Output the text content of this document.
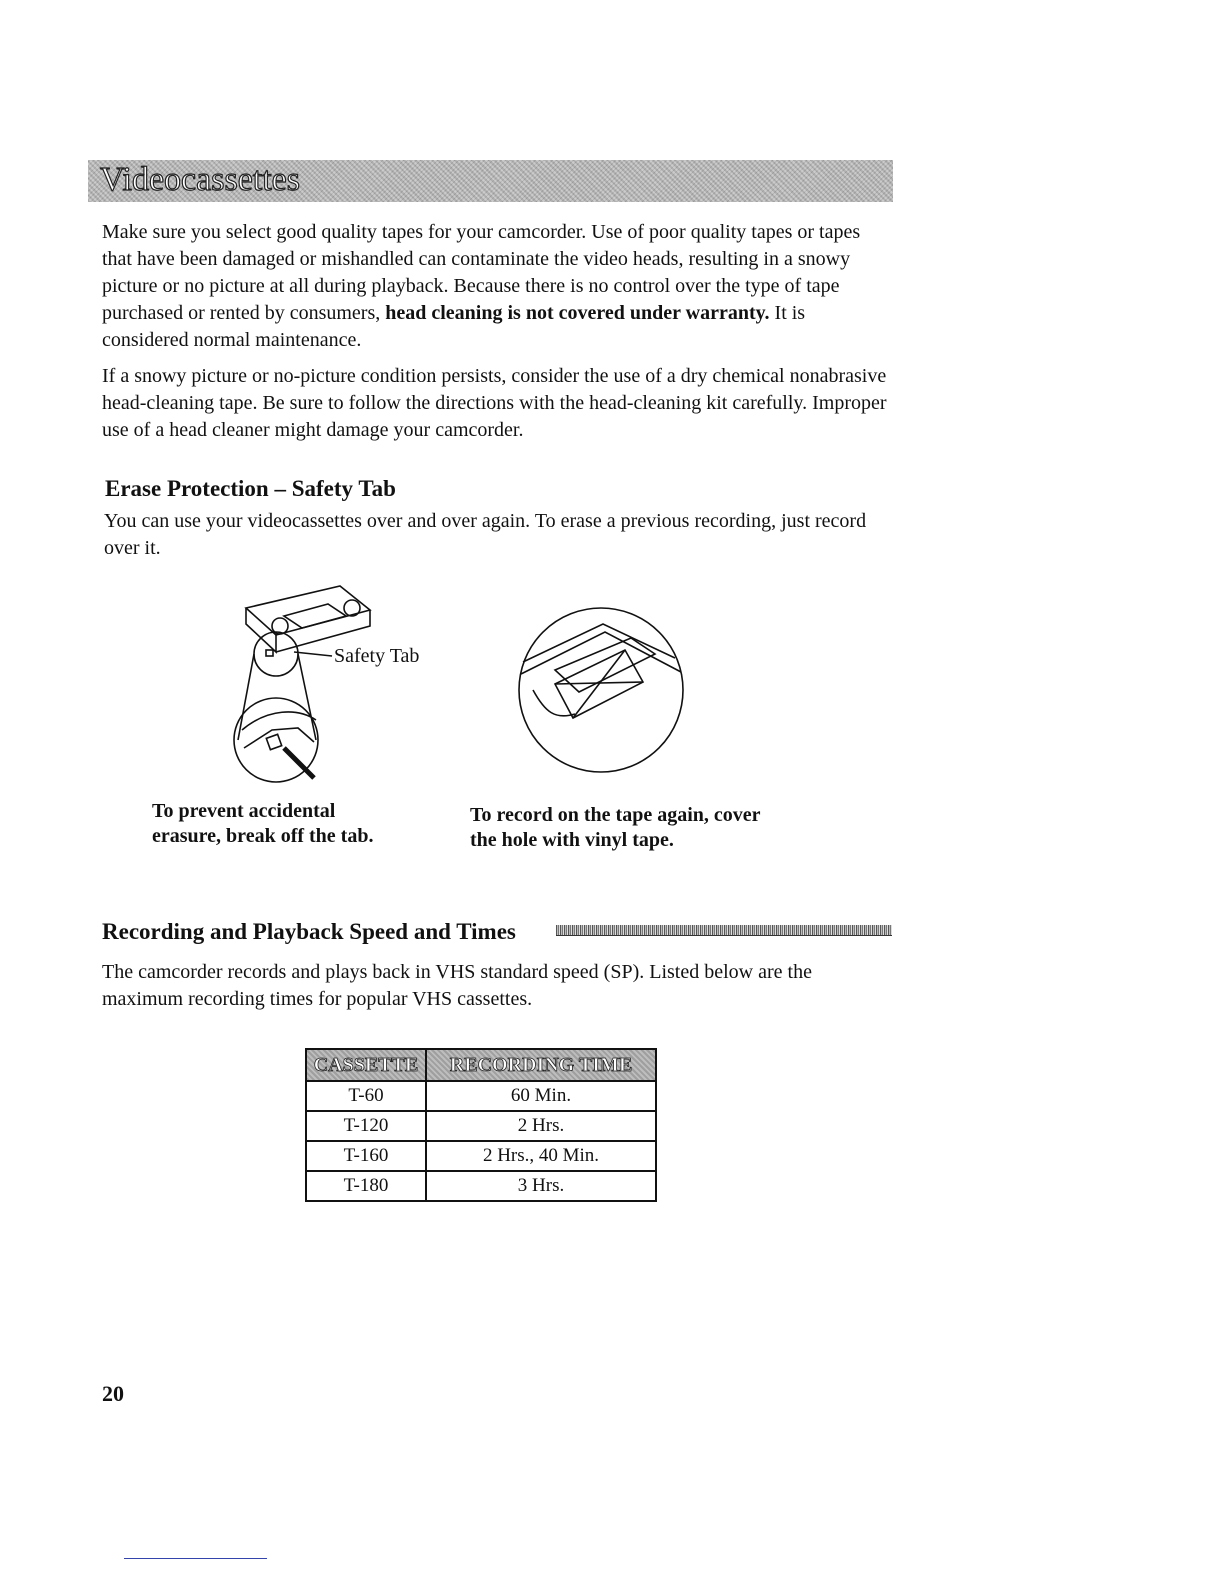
Videocassettes

Make sure you select good quality tapes for your camcorder. Use of poor quality tapes or tapes that have been damaged or mishandled can contaminate the video heads, resulting in a snowy picture or no picture at all during playback. Because there is no control over the type of tape purchased or rented by consumers, head cleaning is not covered under warranty. It is considered normal maintenance.

If a snowy picture or no-picture condition persists, consider the use of a dry chemical nonabrasive head-cleaning tape. Be sure to follow the directions with the head-cleaning kit carefully. Improper use of a head cleaner might damage your camcorder.

Erase Protection – Safety Tab

You can use your videocassettes over and over again. To erase a previous recording, just record over it.

Safety Tab

To prevent accidental
erasure, break off the tab.

To record on the tape again, cover
the hole with vinyl tape.

Recording and Playback Speed and Times

The camcorder records and plays back in VHS standard speed (SP). Listed below are the maximum recording times for popular VHS cassettes.

CASSETTE	RECORDING TIME
T-60	60 Min.
T-120	2 Hrs.
T-160	2 Hrs., 40 Min.
T-180	3 Hrs.
20
